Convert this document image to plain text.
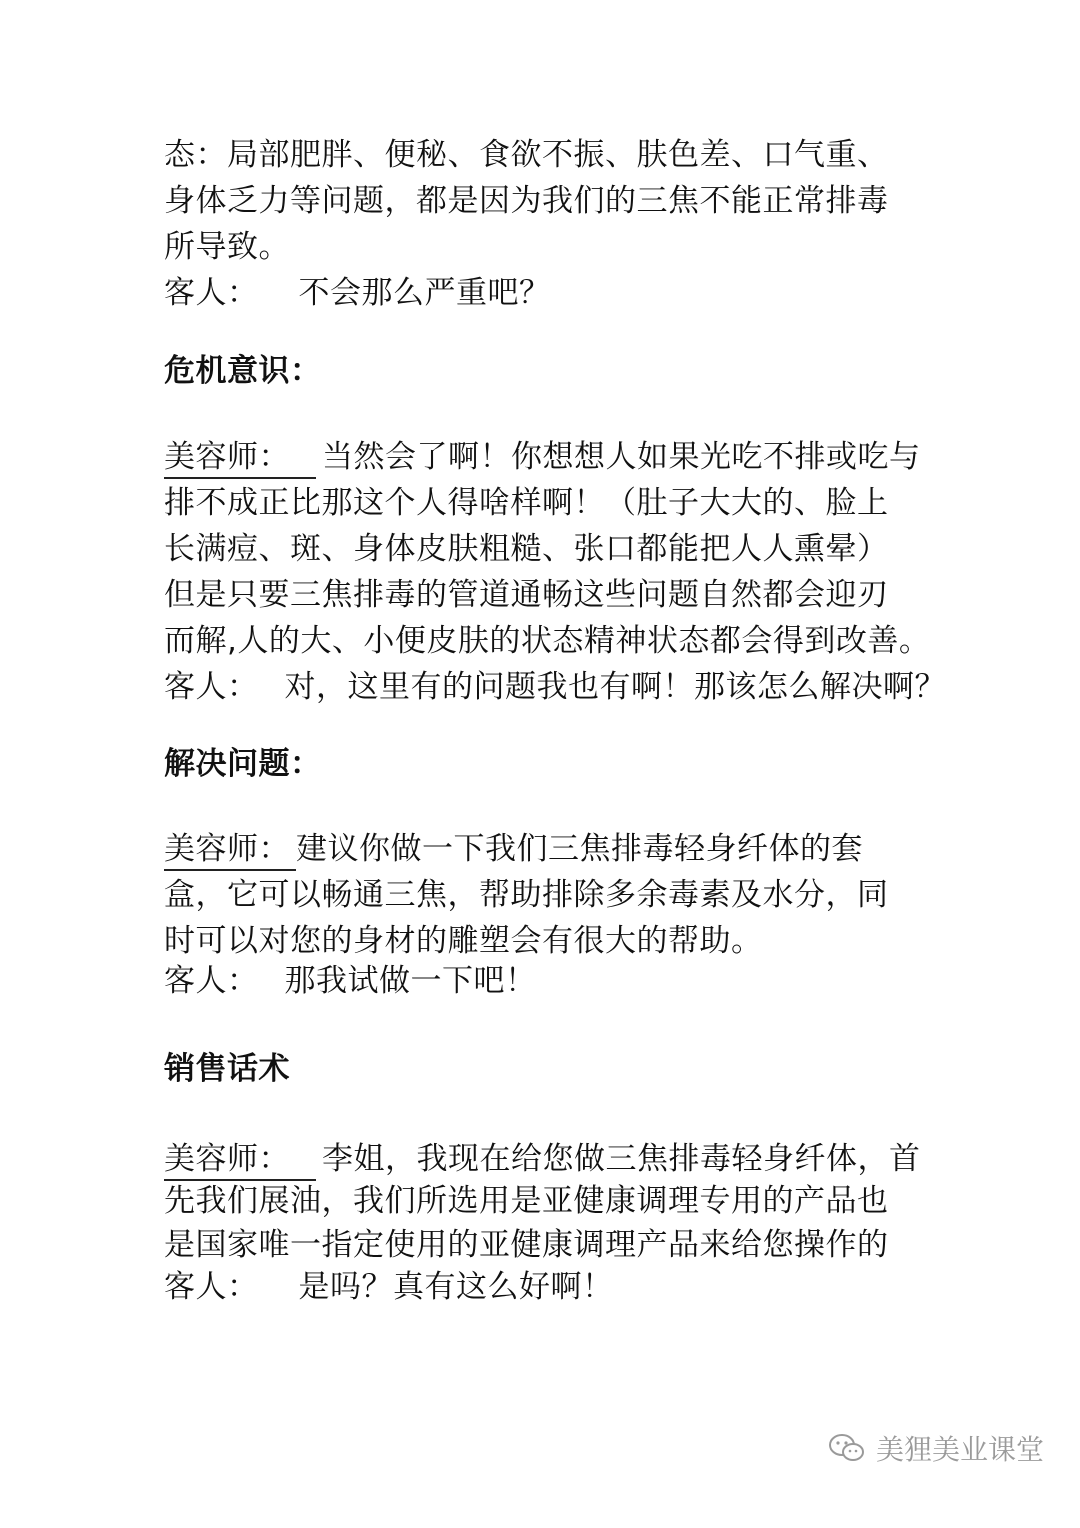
态：局部肥胖、便秘、食欲不振、肤色差、口气重、
身体乏力等问题，都是因为我们的三焦不能正常排毒
所导致。
客人： 不会那么严重吧？
危机意识：
美容师： 当然会了啊！你想想人如果光吃不排或吃与
排不成正比那这个人得啥样啊！（肚子大大的、脸上
长满痘、斑、身体皮肤粗糙、张口都能把人人熏晕）
但是只要三焦排毒的管道通畅这些问题自然都会迎刃
而解,人的大、小便皮肤的状态精神状态都会得到改善。
客人： 对，这里有的问题我也有啊！那该怎么解决啊？
解决问题：
美容师： 建议你做一下我们三焦排毒轻身纤体的套
盒，它可以畅通三焦，帮助排除多余毒素及水分，同
时可以对您的身材的雕塑会有很大的帮助。
客人： 那我试做一下吧！
销售话术
美容师： 李姐，我现在给您做三焦排毒轻身纤体，首
先我们展油，我们所选用是亚健康调理专用的产品也
是国家唯一指定使用的亚健康调理产品来给您操作的
客人： 是吗？真有这么好啊！
美狸美业课堂
